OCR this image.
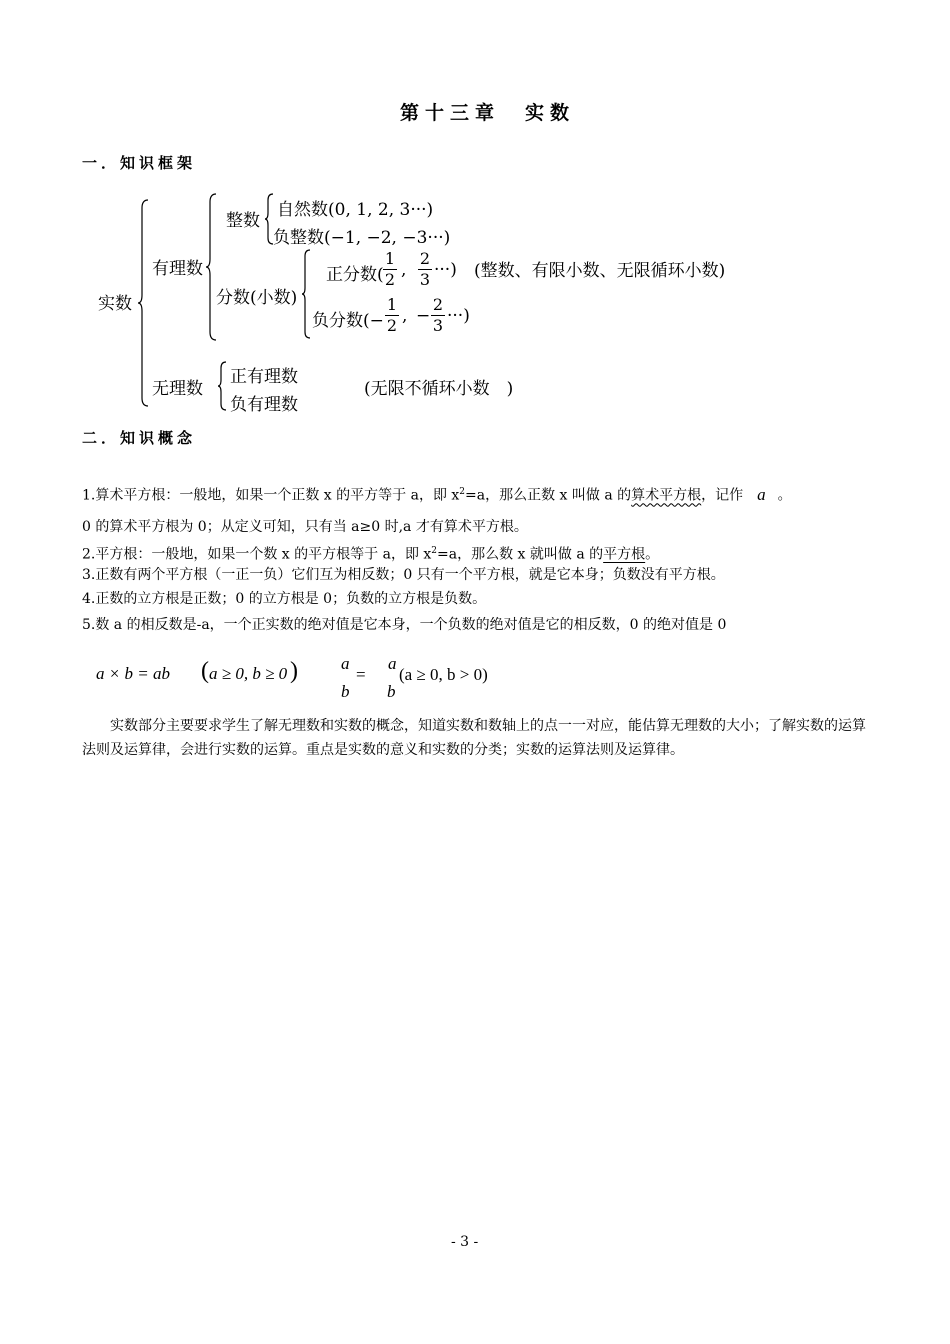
第十三章　实数
一．知识框架
实数
有理数
整数
自然数(0, 1, 2, 3···)
负整数(−1, −2, −3···)
分数(小数)
正分数(
1
2 ,
2
3 ···) (整数、有限小数、无限循环小数)
负分数(−
1
2 , −
2
3 ···)
无理数
正有理数
负有理数
(无限不循环小数　)
二．知识概念
1.算术平方根：一般地，如果一个正数 x 的平方等于 a，即 $x^2=a$，那么正数 x 叫做 a 的算术平方根，记作 a 。
0 的算术平方根为 0；从定义可知，只有当 a≥0 时,a 才有算术平方根。
2.平方根：一般地，如果一个数 x 的平方根等于 a，即 $x^2=a$，那么数 x 就叫做 a 的平方根。
3.正数有两个平方根（一正一负）它们互为相反数；0 只有一个平方根，就是它本身；负数没有平方根。
4.正数的立方根是正数；0 的立方根是 0；负数的立方根是负数。
5.数 a 的相反数是-a，一个正实数的绝对值是它本身，一个负数的绝对值是它的相反数，0 的绝对值是 0
a × b = ab ( a ≥ 0, b ≥ 0 )	a
b
=
a
b
(a ≥ 0, b > 0)
实数部分主要要求学生了解无理数和实数的概念，知道实数和数轴上的点一一对应，能估算无理数的大小；了解实数的运算法则及运算律，会进行实数的运算。重点是实数的意义和实数的分类；实数的运算法则及运算律。
- 3 -
